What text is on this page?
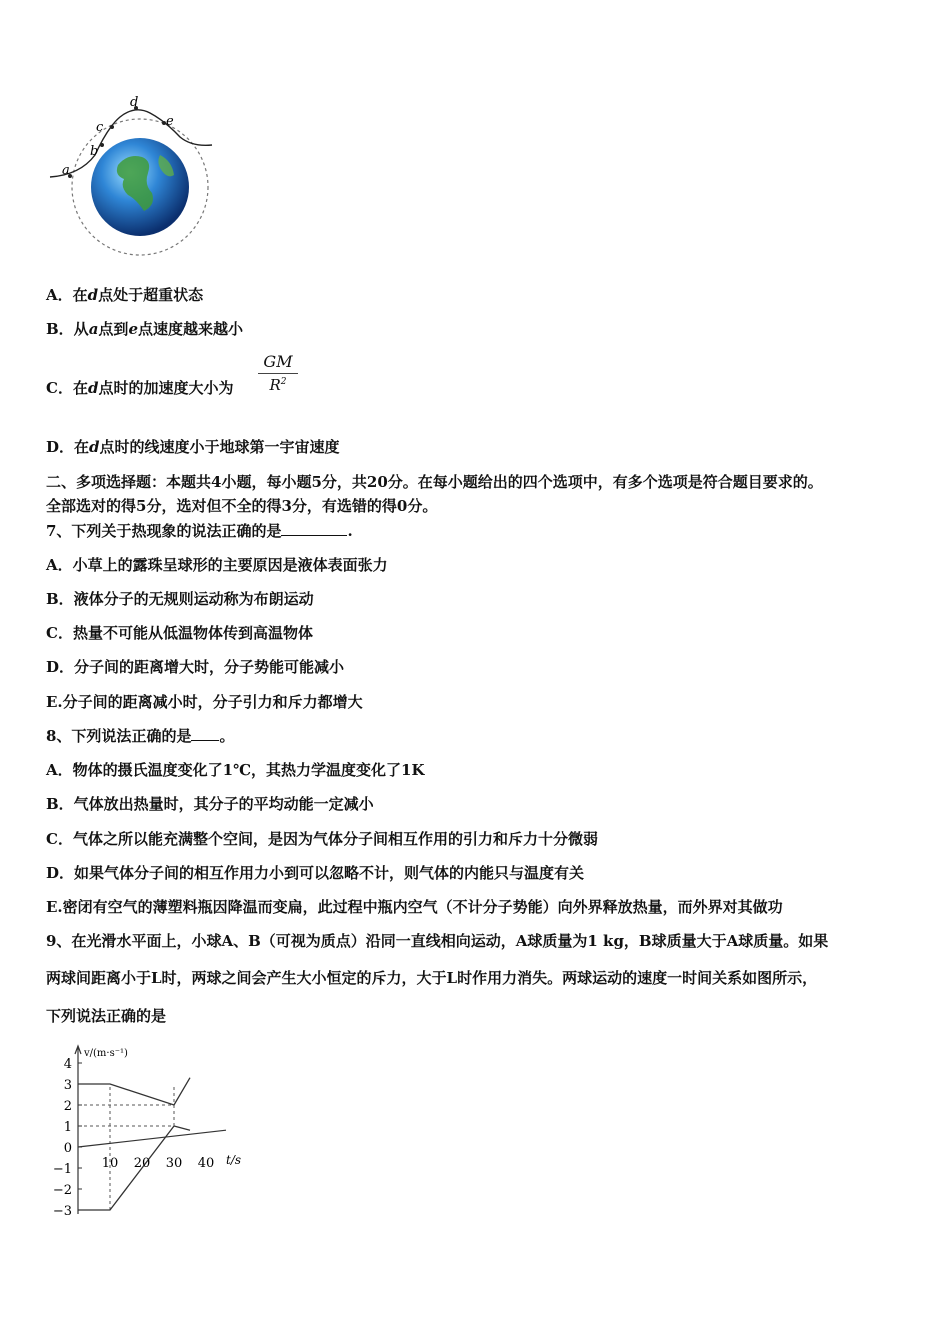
a
b
c
d
e
A．在d点处于超重状态
B．从a点到e点速度越来越小
C．在d点时的加速度大小为 $\frac{GM}{R^2}$
D．在d点时的线速度小于地球第一宇宙速度
二、多项选择题：本题共4小题，每小题5分，共20分。在每小题给出的四个选项中，有多个选项是符合题目要求的。
全部选对的得5分，选对但不全的得3分，有选错的得0分。
7、下列关于热现象的说法正确的是	.
A．小草上的露珠呈球形的主要原因是液体表面张力
B．液体分子的无规则运动称为布朗运动
C．热量不可能从低温物体传到高温物体
D．分子间的距离增大时，分子势能可能减小
E.分子间的距离减小时，分子引力和斥力都增大
8、下列说法正确的是 。
A．物体的摄氏温度变化了1℃，其热力学温度变化了1K
B．气体放出热量时，其分子的平均动能一定减小
C．气体之所以能充满整个空间，是因为气体分子间相互作用的引力和斥力十分微弱
D．如果气体分子间的相互作用力小到可以忽略不计，则气体的内能只与温度有关
E.密闭有空气的薄塑料瓶因降温而变扁，此过程中瓶内空气（不计分子势能）向外界释放热量，而外界对其做功
9、在光滑水平面上，小球A、B（可视为质点）沿同一直线相向运动，A球质量为1 kg，B球质量大于A球质量。如果
两球间距离小于L时，两球之间会产生大小恒定的斥力，大于L时作用力消失。两球运动的速度一时间关系如图所示，
下列说法正确的是
4
3
2
1
0
−1
−2
−3
10 20 30 40
v/(m·s⁻¹)
t/s
